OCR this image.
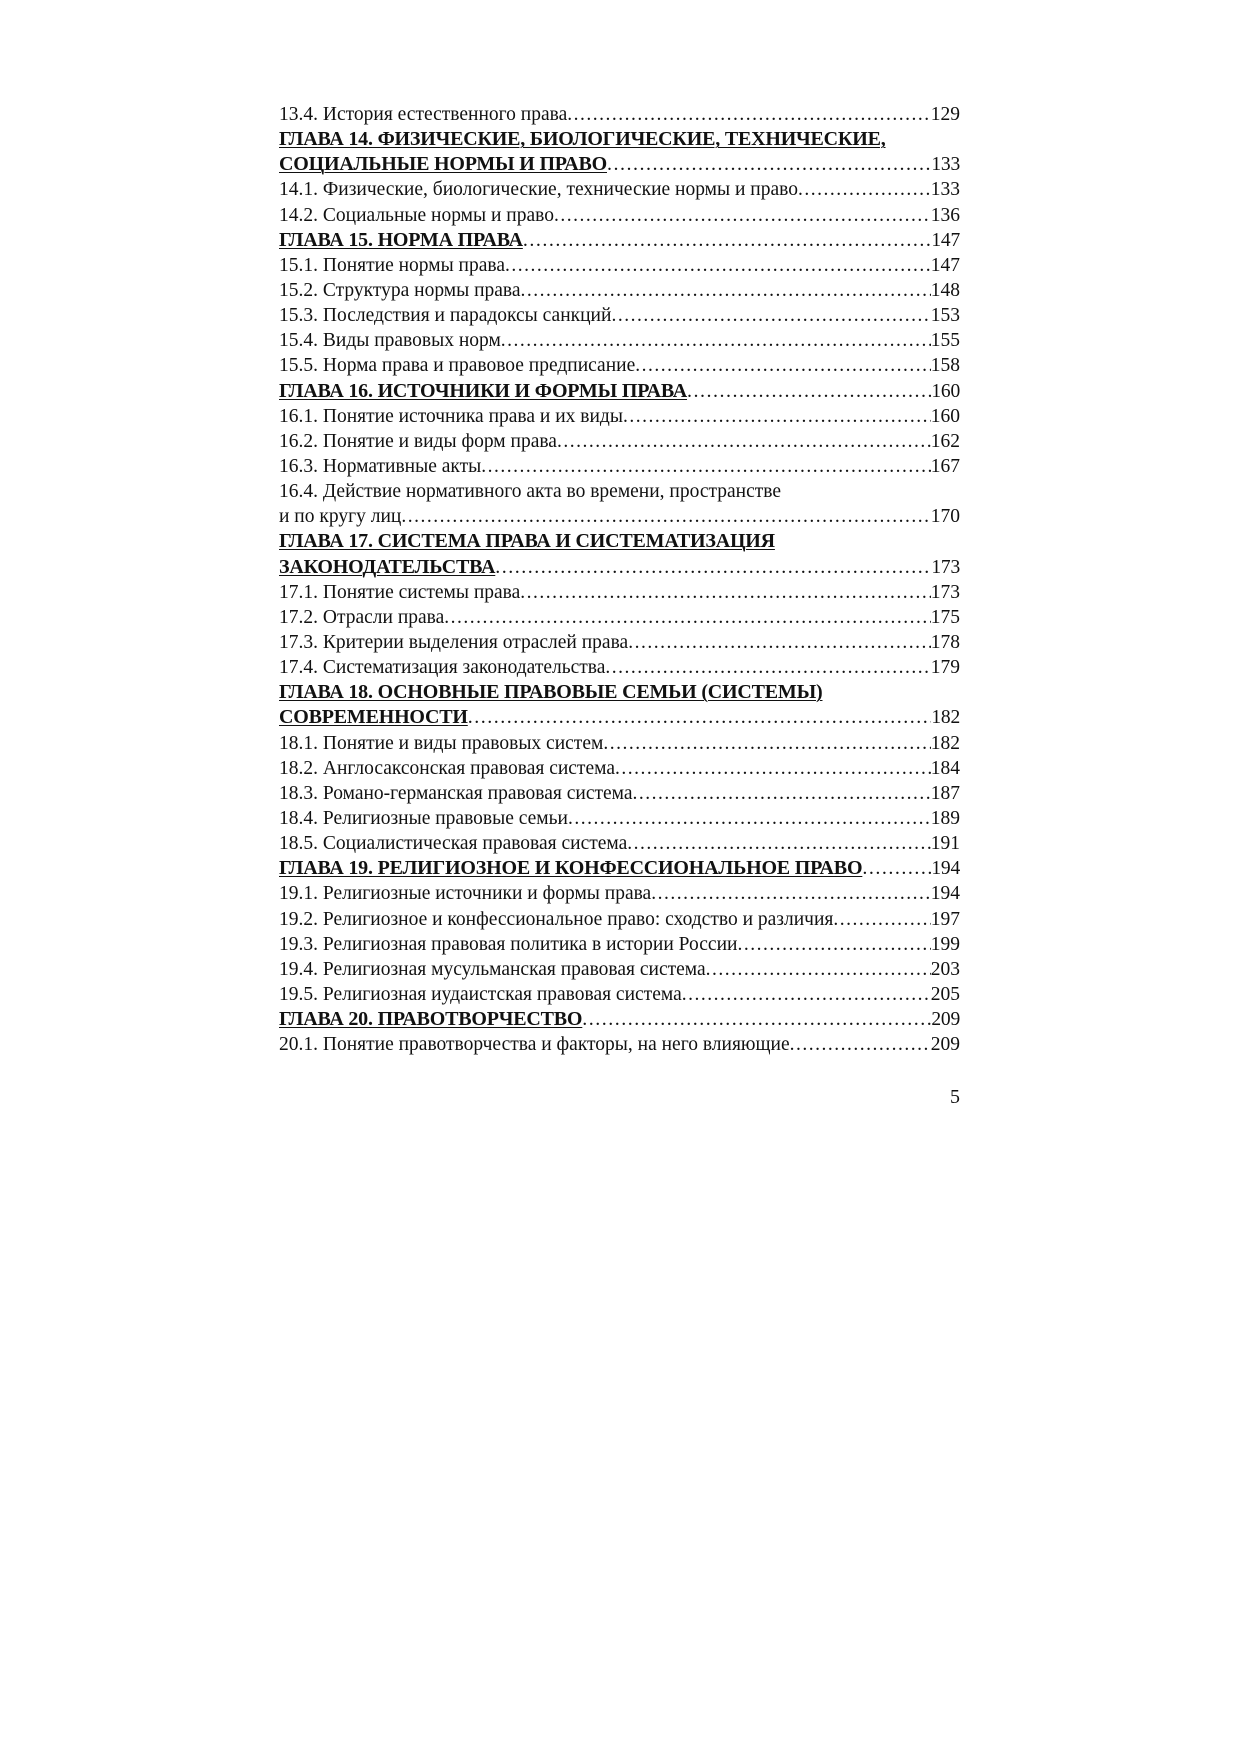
13.4. История естественного права .....	129
ГЛАВА 14. ФИЗИЧЕСКИЕ, БИОЛОГИЧЕСКИЕ, ТЕХНИЧЕСКИЕ,
СОЦИАЛЬНЫЕ НОРМЫ И ПРАВО .....	133
14.1. Физические, биологические, технические нормы и право .....	133
14.2. Социальные нормы и право .....	136
ГЛАВА 15. НОРМА ПРАВА .....	147
15.1. Понятие нормы права .....	147
15.2. Структура нормы права .....	148
15.3. Последствия и парадоксы санкций .....	153
15.4. Виды правовых норм .....	155
15.5. Норма права и правовое предписание .....	158
ГЛАВА 16. ИСТОЧНИКИ И ФОРМЫ ПРАВА .....	160
16.1. Понятие источника права и их виды .....	160
16.2. Понятие и виды форм права .....	162
16.3. Нормативные акты .....	167
16.4. Действие нормативного акта во времени, пространстве
и по кругу лиц .....	170
ГЛАВА 17. СИСТЕМА ПРАВА И СИСТЕМАТИЗАЦИЯ
ЗАКОНОДАТЕЛЬСТВА .....	173
17.1. Понятие системы права .....	173
17.2. Отрасли права .....	175
17.3. Критерии выделения отраслей права .....	178
17.4. Систематизация законодательства .....	179
ГЛАВА 18. ОСНОВНЫЕ ПРАВОВЫЕ СЕМЬИ (СИСТЕМЫ)
СОВРЕМЕННОСТИ .....	182
18.1. Понятие и виды правовых систем .....	182
18.2. Англосаксонская правовая система .....	184
18.3. Романо-германская правовая система .....	187
18.4. Религиозные правовые семьи .....	189
18.5. Социалистическая правовая система .....	191
ГЛАВА 19. РЕЛИГИОЗНОЕ И КОНФЕССИОНАЛЬНОЕ ПРАВО .....	194
19.1. Религиозные источники и формы права .....	194
19.2. Религиозное и конфессиональное право: сходство и различия .....	197
19.3. Религиозная правовая политика в истории России .....	199
19.4. Религиозная мусульманская правовая система .....	203
19.5. Религиозная иудаистская правовая система .....	205
ГЛАВА 20. ПРАВОТВОРЧЕСТВО .....	209
20.1. Понятие правотворчества и факторы, на него влияющие .....	209
5
